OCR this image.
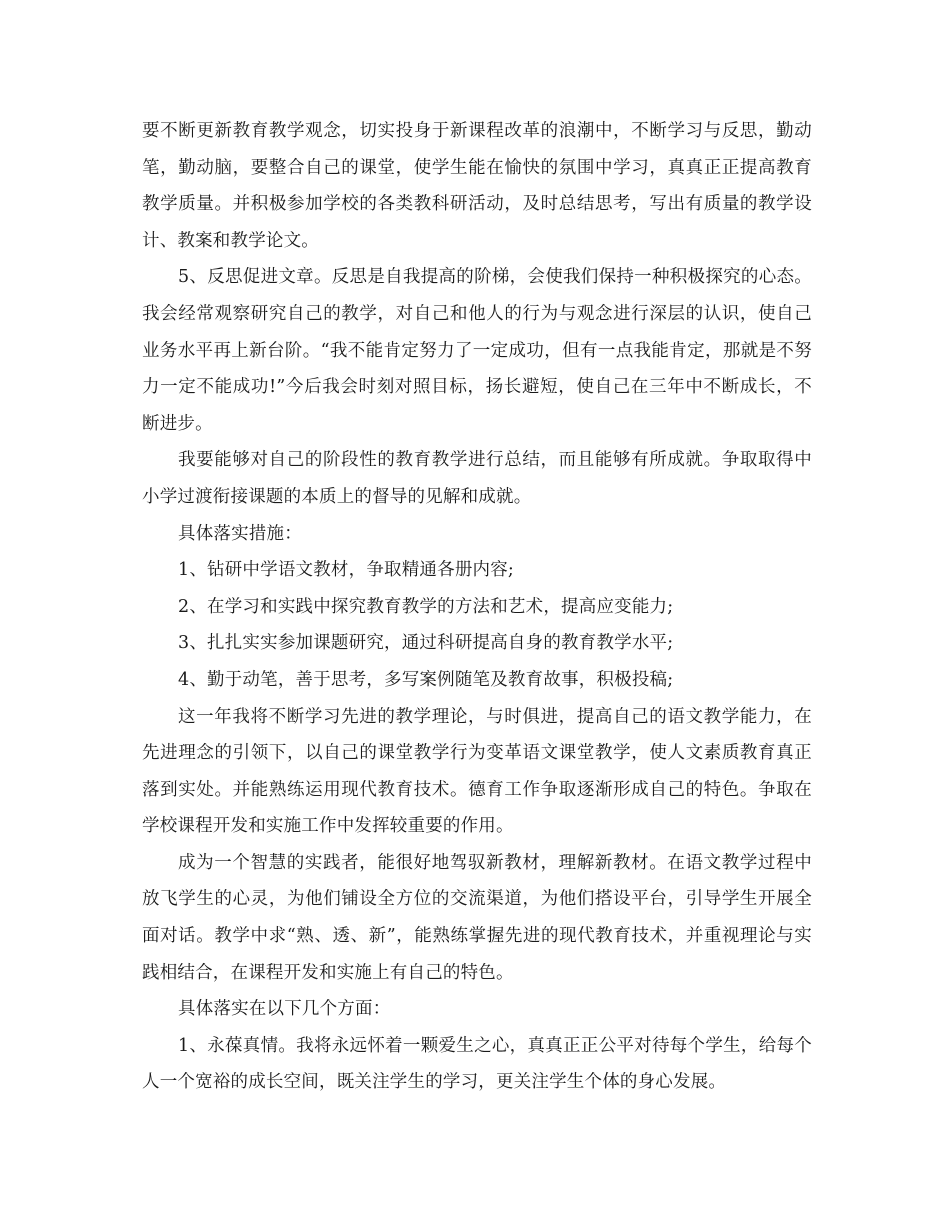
要不断更新教育教学观念，切实投身于新课程改革的浪潮中，不断学习与反思，勤动笔，勤动脑，要整合自己的课堂，使学生能在愉快的氛围中学习，真真正正提高教育教学质量。并积极参加学校的各类教科研活动，及时总结思考，写出有质量的教学设计、教案和教学论文。

5、反思促进文章。反思是自我提高的阶梯，会使我们保持一种积极探究的心态。我会经常观察研究自己的教学，对自己和他人的行为与观念进行深层的认识，使自己业务水平再上新台阶。“我不能肯定努力了一定成功，但有一点我能肯定，那就是不努力一定不能成功!”今后我会时刻对照目标，扬长避短，使自己在三年中不断成长，不断进步。

我要能够对自己的阶段性的教育教学进行总结，而且能够有所成就。争取取得中小学过渡衔接课题的本质上的督导的见解和成就。

具体落实措施：

1、钻研中学语文教材，争取精通各册内容;

2、在学习和实践中探究教育教学的方法和艺术，提高应变能力;

3、扎扎实实参加课题研究，通过科研提高自身的教育教学水平;

4、勤于动笔，善于思考，多写案例随笔及教育故事，积极投稿;

这一年我将不断学习先进的教学理论，与时俱进，提高自己的语文教学能力，在先进理念的引领下，以自己的课堂教学行为变革语文课堂教学，使人文素质教育真正落到实处。并能熟练运用现代教育技术。德育工作争取逐渐形成自己的特色。争取在学校课程开发和实施工作中发挥较重要的作用。

成为一个智慧的实践者，能很好地驾驭新教材，理解新教材。在语文教学过程中放飞学生的心灵，为他们铺设全方位的交流渠道，为他们搭设平台，引导学生开展全面对话。教学中求“熟、透、新”，能熟练掌握先进的现代教育技术，并重视理论与实践相结合，在课程开发和实施上有自己的特色。

具体落实在以下几个方面：

1、永葆真情。我将永远怀着一颗爱生之心，真真正正公平对待每个学生，给每个人一个宽裕的成长空间，既关注学生的学习，更关注学生个体的身心发展。
